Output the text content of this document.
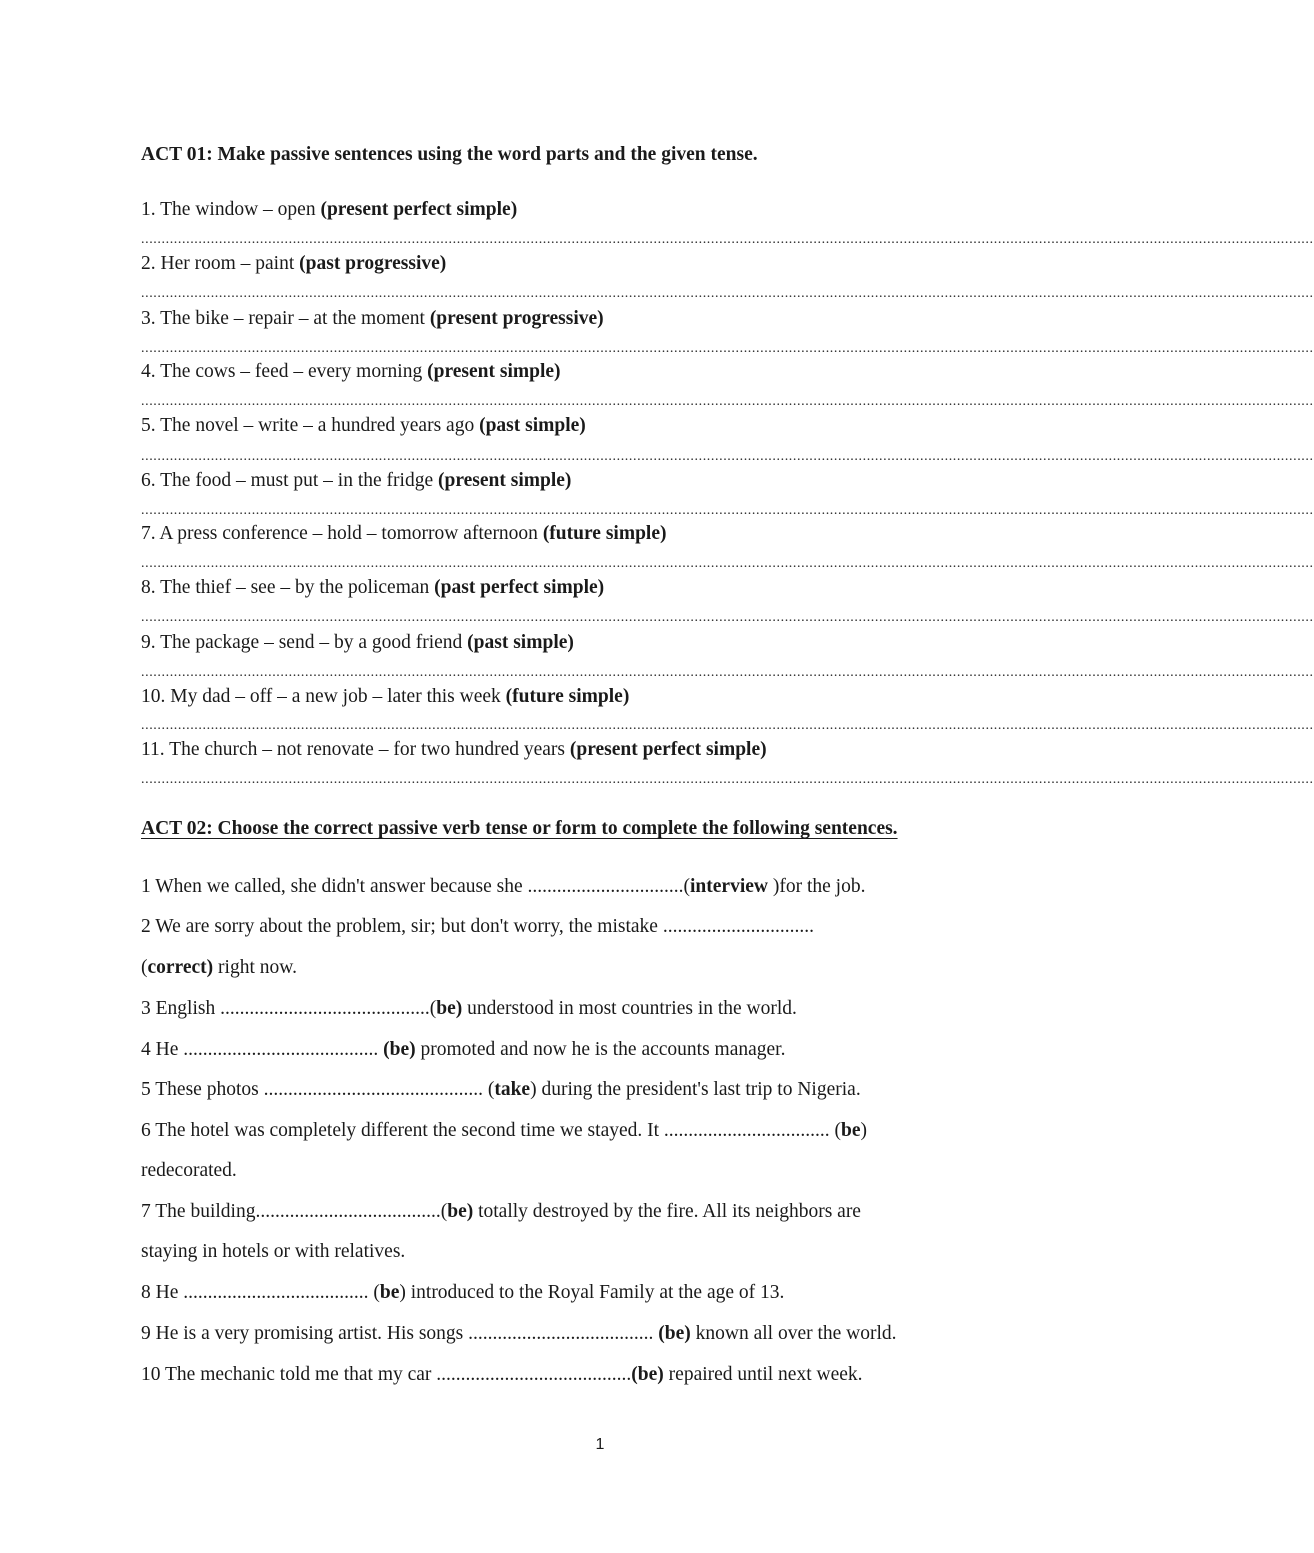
ACT 01: Make passive sentences using the word parts and the given tense.
1. The window – open (present perfect simple)
..............................................................................................................................................................................................................................................................................................
2. Her room – paint (past progressive)
..............................................................................................................................................................................................................................................................................................
3. The bike – repair – at the moment (present progressive)
..............................................................................................................................................................................................................................................................................................
4. The cows – feed – every morning (present simple)
..............................................................................................................................................................................................................................................................................................
5. The novel – write – a hundred years ago (past simple)
..............................................................................................................................................................................................................................................................................................
6. The food – must put – in the fridge (present simple)
..............................................................................................................................................................................................................................................................................................
7. A press conference – hold – tomorrow afternoon (future simple)
..............................................................................................................................................................................................................................................................................................
8. The thief – see – by the policeman (past perfect simple)
..............................................................................................................................................................................................................................................................................................
9. The package – send – by a good friend (past simple)
..............................................................................................................................................................................................................................................................................................
10. My dad – off – a new job – later this week (future simple)
..............................................................................................................................................................................................................................................................................................
11. The church – not renovate – for two hundred years (present perfect simple)
..............................................................................................................................................................................................................................................................................................
ACT 02: Choose the correct passive verb tense or form to complete the following sentences.
1 When we called, she didn't answer because she ................................(interview )for the job.
2 We are sorry about the problem, sir; but don't worry, the mistake ...............................
(correct) right now.
3 English ...........................................(be) understood in most countries in the world.
4 He ........................................ (be) promoted and now he is the accounts manager.
5 These photos ............................................. (take) during the president's last trip to Nigeria.
6 The hotel was completely different the second time we stayed. It .................................. (be)
redecorated.
7 The building......................................(be) totally destroyed by the fire. All its neighbors are
staying in hotels or with relatives.
8 He ...................................... (be) introduced to the Royal Family at the age of 13.
9 He is a very promising artist. His songs ...................................... (be) known all over the world.
10 The mechanic told me that my car ........................................(be) repaired until next week.
1
